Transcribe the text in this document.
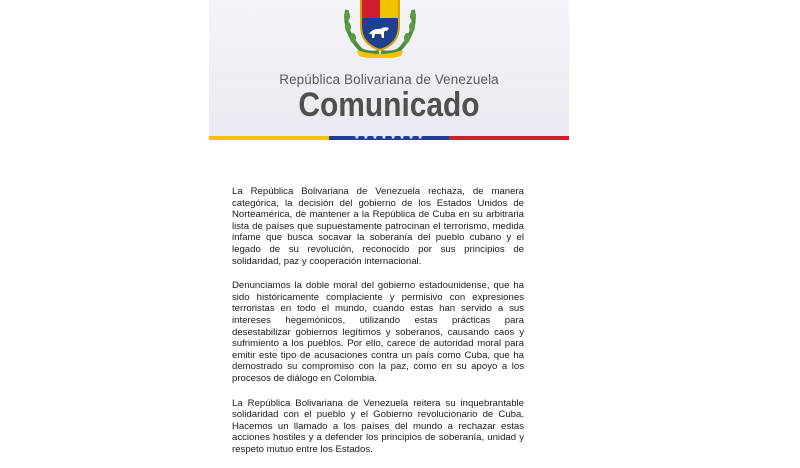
República Bolivariana de Venezuela
Comunicado
★ ★ ★ ★ ★ ★ ★ ★

La República Bolivariana de Venezuela rechaza, de manera categórica, la decisión del gobierno de los Estados Unidos de Norteamérica, de mantener a la República de Cuba en su arbitraria lista de países que supuestamente patrocinan el terrorismo, medida infame que busca socavar la soberanía del pueblo cubano y el legado de su revolución, reconocido por sus principios de solidaridad, paz y cooperación internacional.

Denunciamos la doble moral del gobierno estadounidense, que ha sido históricamente complaciente y permisivo con expresiones terroristas en todo el mundo, cuando estas han servido a sus intereses hegemónicos, utilizando estas prácticas para desestabilizar gobiernos legítimos y soberanos, causando caos y sufrimiento a los pueblos. Por ello, carece de autoridad moral para emitir este tipo de acusaciones contra un país como Cuba, que ha demostrado su compromiso con la paz, como en su apoyo a los procesos de diálogo en Colombia.

La República Bolivariana de Venezuela reitera su inquebrantable solidaridad con el pueblo y el Gobierno revolucionario de Cuba. Hacemos un llamado a los países del mundo a rechazar estas acciones hostiles y a defender los principios de soberanía, unidad y respeto mutuo entre los Estados.
